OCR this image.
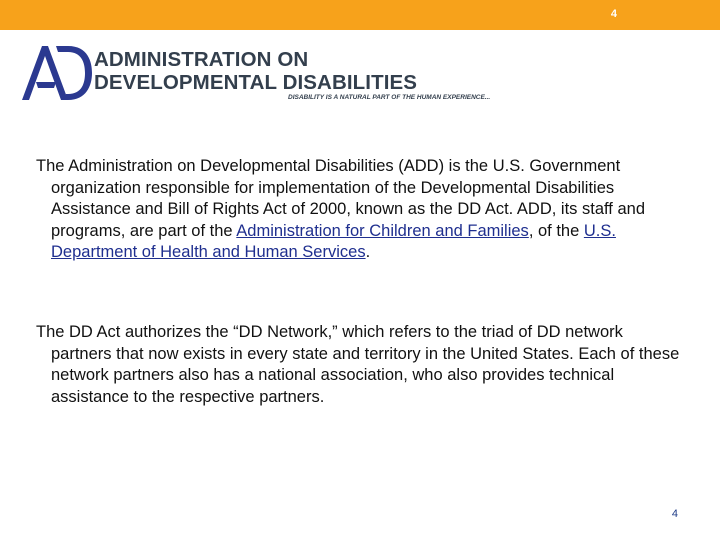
4
ADMINISTRATION ON
DEVELOPMENTAL DISABILITIES
DISABILITY IS A NATURAL PART OF THE HUMAN EXPERIENCE...

The Administration on Developmental Disabilities (ADD) is the U.S. Government organization responsible for implementation of the Developmental Disabilities Assistance and Bill of Rights Act of 2000, known as the DD Act. ADD, its staff and programs, are part of the Administration for Children and Families, of the U.S. Department of Health and Human Services.

The DD Act authorizes the “DD Network,” which refers to the triad of DD network partners that now exists in every state and territory in the United States. Each of these network partners also has a national association, who also provides technical assistance to the respective partners.

4
